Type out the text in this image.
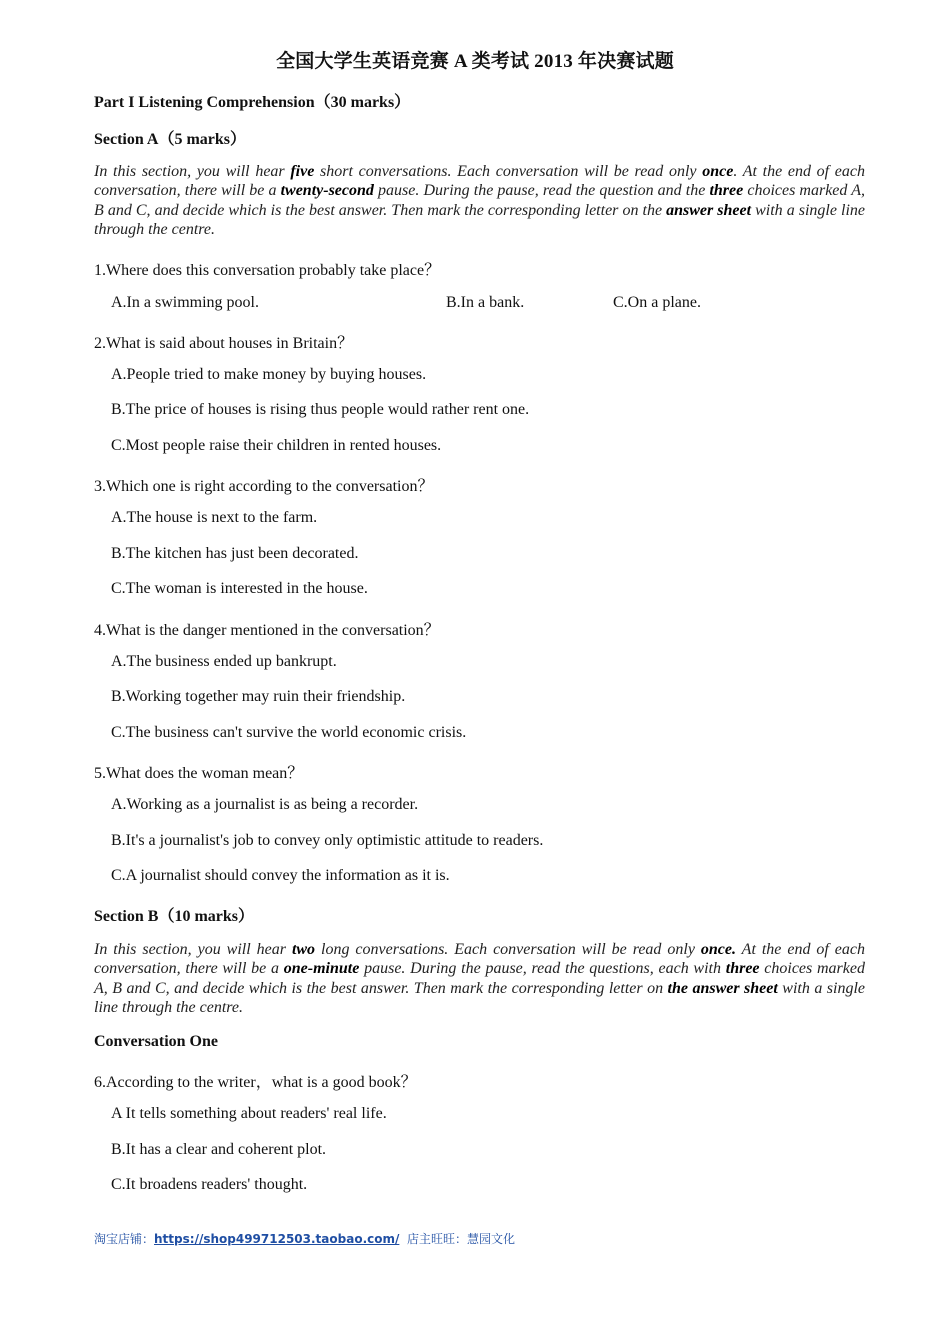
全国大学生英语竞赛 A 类考试 2013 年决赛试题
Part I Listening Comprehension（30 marks）
Section A（5 marks）
In this section, you will hear five short conversations. Each conversation will be read only once. At the end of each conversation, there will be a twenty-second pause. During the pause, read the question and the three choices marked A, B and C, and decide which is the best answer. Then mark the corresponding letter on the answer sheet with a single line through the centre.
1.Where does this conversation probably take place？
A.In a swimming pool.	B.In a bank.	C.On a plane.
2.What is said about houses in Britain？
A.People tried to make money by buying houses.
B.The price of houses is rising thus people would rather rent one.
C.Most people raise their children in rented houses.
3.Which one is right according to the conversation？
A.The house is next to the farm.
B.The kitchen has just been decorated.
C.The woman is interested in the house.
4.What is the danger mentioned in the conversation？
A.The business ended up bankrupt.
B.Working together may ruin their friendship.
C.The business can't survive the world economic crisis.
5.What does the woman mean？
A.Working as a journalist is as being a recorder.
B.It's a journalist's job to convey only optimistic attitude to readers.
C.A journalist should convey the information as it is.
Section B（10 marks）
In this section, you will hear two long conversations. Each conversation will be read only once. At the end of each conversation, there will be a one-minute pause. During the pause, read the questions, each with three choices marked A, B and C, and decide which is the best answer. Then mark the corresponding letter on the answer sheet with a single line through the centre.
Conversation One
6.According to the writer，what is a good book？
A It tells something about readers' real life.
B.It has a clear and coherent plot.
C.It broadens readers' thought.
淘宝店铺：https://shop499712503.taobao.com/  店主旺旺：慧园文化
